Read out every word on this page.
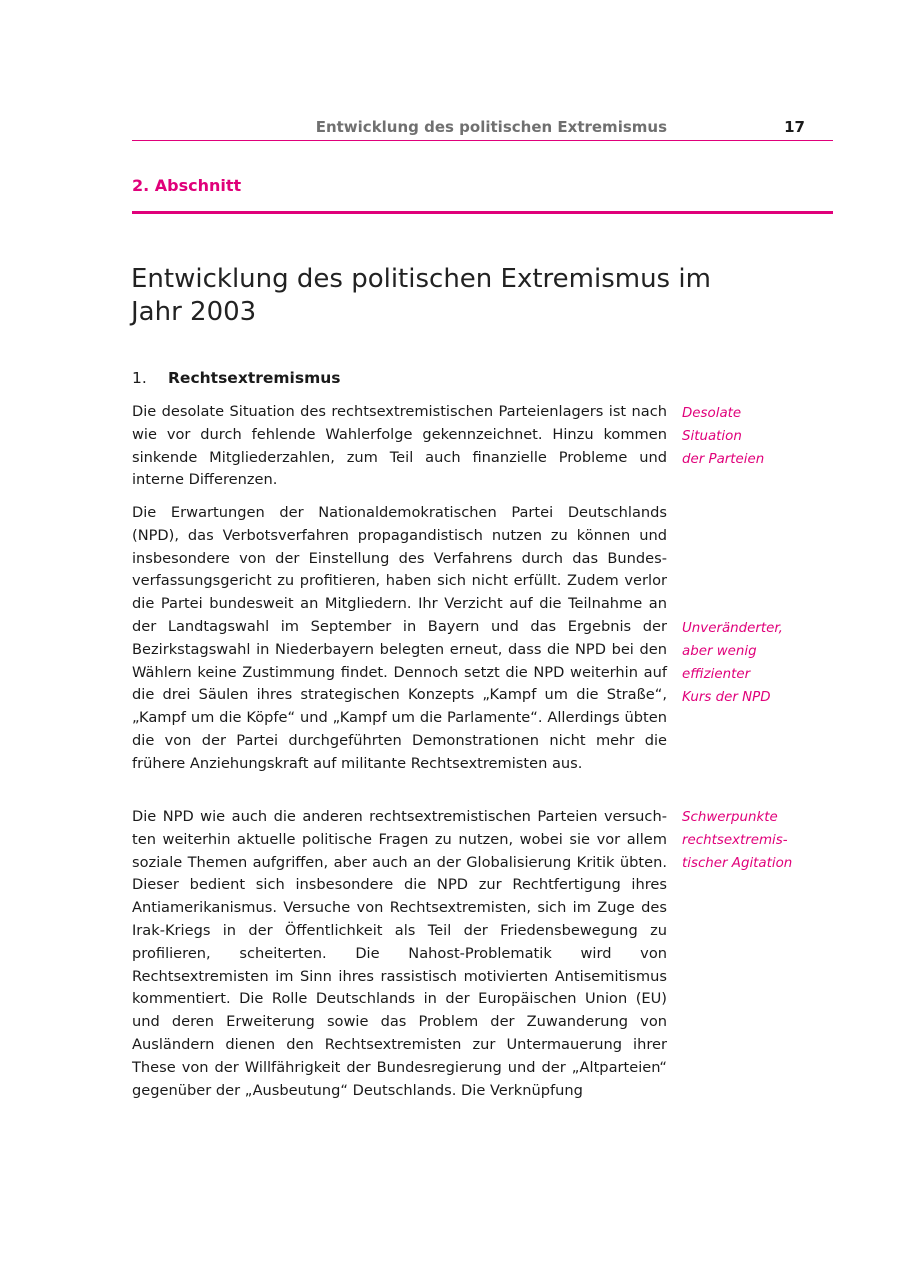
Entwicklung des politischen Extremismus	17
2. Abschnitt
Entwicklung des politischen Extremismus im Jahr 2003
1. Rechtsextremismus

Die desolate Situation des rechtsextremistischen Parteienlagers ist nach wie vor durch fehlende Wahlerfolge gekennzeichnet. Hinzu kommen sinkende Mitgliederzahlen, zum Teil auch finanzielle Probleme und interne Differenzen.

Die Erwartungen der Nationaldemokratischen Partei Deutschlands (NPD), das Verbotsverfahren propagandistisch nutzen zu können und insbesondere von der Einstellung des Verfahrens durch das Bundesverfassungsgericht zu profitieren, haben sich nicht erfüllt. Zudem verlor die Partei bundesweit an Mitgliedern. Ihr Verzicht auf die Teilnahme an der Landtagswahl im September in Bayern und das Ergebnis der Bezirkstagswahl in Niederbayern belegten erneut, dass die NPD bei den Wählern keine Zustimmung findet. Dennoch setzt die NPD weiterhin auf die drei Säulen ihres strategischen Konzepts „Kampf um die Straße“, „Kampf um die Köpfe“ und „Kampf um die Parlamente“. Allerdings übten die von der Partei durchgeführten Demonstrationen nicht mehr die frühere Anziehungskraft auf militante Rechtsextremisten aus.

Die NPD wie auch die anderen rechtsextremistischen Parteien versuchten weiterhin aktuelle politische Fragen zu nutzen, wobei sie vor allem soziale Themen aufgriffen, aber auch an der Globalisierung Kritik übten. Dieser bedient sich insbesondere die NPD zur Rechtfertigung ihres Antiamerikanismus. Versuche von Rechtsextremisten, sich im Zuge des Irak-Kriegs in der Öffentlichkeit als Teil der Friedensbewegung zu profilieren, scheiterten. Die Nahost-Problematik wird von Rechtsextremisten im Sinn ihres rassistisch motivierten Antisemitismus kommentiert. Die Rolle Deutschlands in der Europäischen Union (EU) und deren Erweiterung sowie das Problem der Zuwanderung von Ausländern dienen den Rechtsextremisten zur Untermauerung ihrer These von der Willfährigkeit der Bundesregierung und der „Altparteien“ gegenüber der „Ausbeutung“ Deutschlands. Die Verknüpfung

Desolate
Situation
der Parteien
Unveränderter,
aber wenig
effizienter
Kurs der NPD
Schwerpunkte
rechtsextremis-
tischer Agitation
